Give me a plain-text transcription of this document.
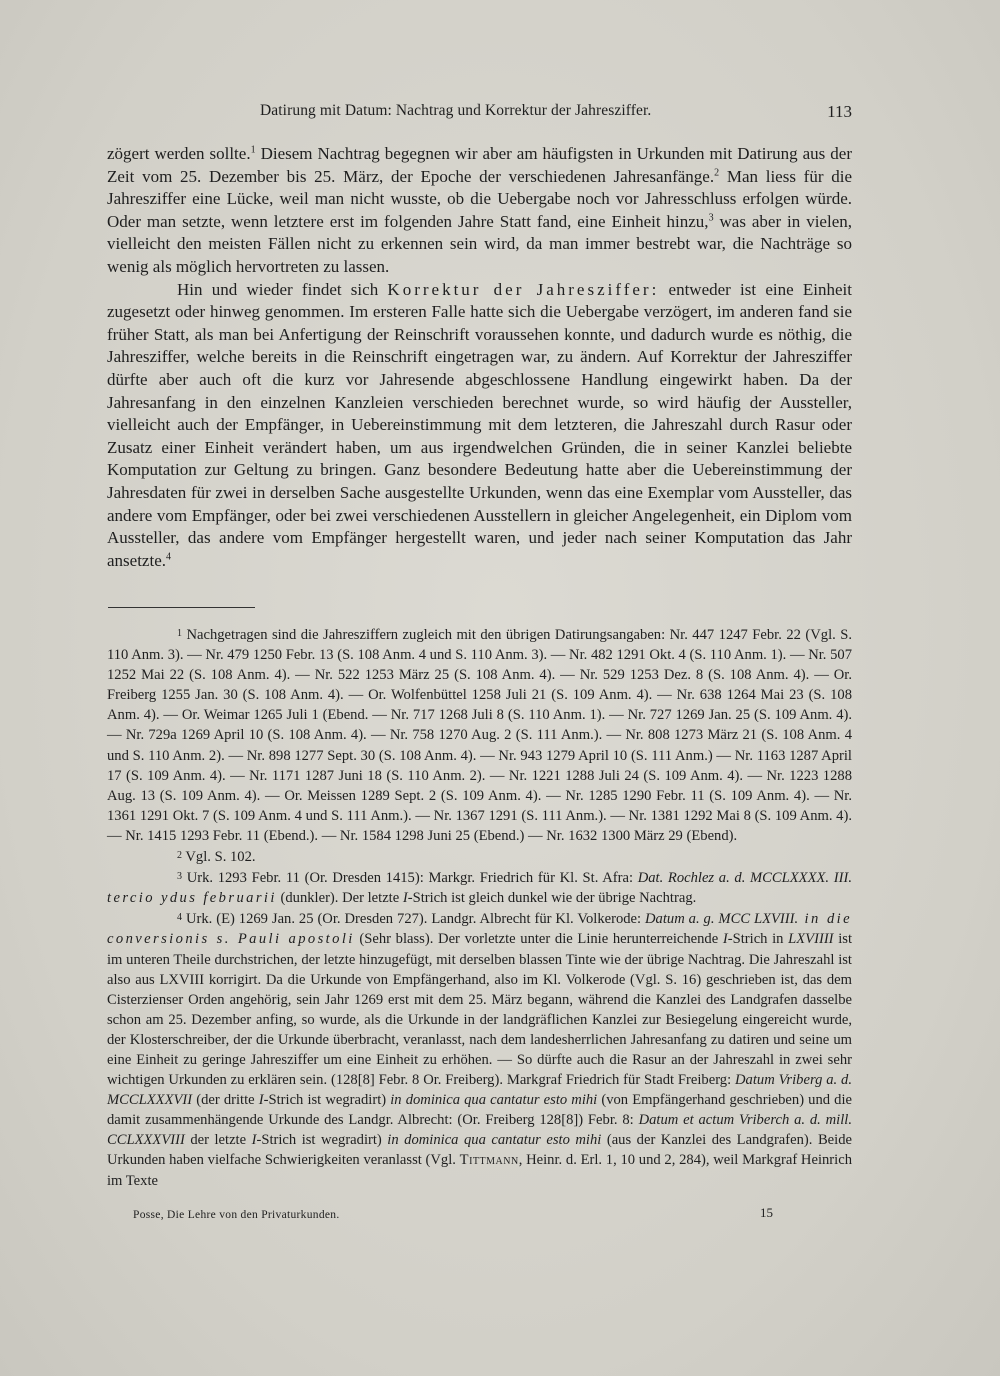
Datirung mit Datum: Nachtrag und Korrektur der Jahresziffer.	113

zögert werden sollte.$^1$ Diesem Nachtrag begegnen wir aber am häufigsten in Urkunden mit Datirung aus der Zeit vom 25. Dezember bis 25. März, der Epoche der verschiedenen Jahresanfänge.$^2$ Man liess für die Jahresziffer eine Lücke, weil man nicht wusste, ob die Uebergabe noch vor Jahresschluss erfolgen würde. Oder man setzte, wenn letztere erst im folgenden Jahre Statt fand, eine Einheit hinzu,$^3$ was aber in vielen, vielleicht den meisten Fällen nicht zu erkennen sein wird, da man immer bestrebt war, die Nachträge so wenig als möglich hervortreten zu lassen.

Hin und wieder findet sich Korrektur der Jahresziffer: entweder ist eine Einheit zugesetzt oder hinweg genommen. Im ersteren Falle hatte sich die Uebergabe verzögert, im anderen fand sie früher Statt, als man bei Anfertigung der Reinschrift voraussehen konnte, und dadurch wurde es nöthig, die Jahresziffer, welche bereits in die Reinschrift eingetragen war, zu ändern. Auf Korrektur der Jahresziffer dürfte aber auch oft die kurz vor Jahresende abgeschlossene Handlung eingewirkt haben. Da der Jahresanfang in den einzelnen Kanzleien verschieden berechnet wurde, so wird häufig der Aussteller, vielleicht auch der Empfänger, in Uebereinstimmung mit dem letzteren, die Jahreszahl durch Rasur oder Zusatz einer Einheit verändert haben, um aus irgendwelchen Gründen, die in seiner Kanzlei beliebte Komputation zur Geltung zu bringen. Ganz besondere Bedeutung hatte aber die Uebereinstimmung der Jahresdaten für zwei in derselben Sache ausgestellte Urkunden, wenn das eine Exemplar vom Aussteller, das andere vom Empfänger, oder bei zwei verschiedenen Ausstellern in gleicher Angelegenheit, ein Diplom vom Aussteller, das andere vom Empfänger hergestellt waren, und jeder nach seiner Komputation das Jahr ansetzte.$^4$

$^1$ Nachgetragen sind die Jahresziffern zugleich mit den übrigen Datirungsangaben: Nr. 447 1247 Febr. 22 (Vgl. S. 110 Anm. 3). — Nr. 479 1250 Febr. 13 (S. 108 Anm. 4 und S. 110 Anm. 3). — Nr. 482 1291 Okt. 4 (S. 110 Anm. 1). — Nr. 507 1252 Mai 22 (S. 108 Anm. 4). — Nr. 522 1253 März 25 (S. 108 Anm. 4). — Nr. 529 1253 Dez. 8 (S. 108 Anm. 4). — Or. Freiberg 1255 Jan. 30 (S. 108 Anm. 4). — Or. Wolfenbüttel 1258 Juli 21 (S. 109 Anm. 4). — Nr. 638 1264 Mai 23 (S. 108 Anm. 4). — Or. Weimar 1265 Juli 1 (Ebend. — Nr. 717 1268 Juli 8 (S. 110 Anm. 1). — Nr. 727 1269 Jan. 25 (S. 109 Anm. 4). — Nr. 729a 1269 April 10 (S. 108 Anm. 4). — Nr. 758 1270 Aug. 2 (S. 111 Anm.). — Nr. 808 1273 März 21 (S. 108 Anm. 4 und S. 110 Anm. 2). — Nr. 898 1277 Sept. 30 (S. 108 Anm. 4). — Nr. 943 1279 April 10 (S. 111 Anm.) — Nr. 1163 1287 April 17 (S. 109 Anm. 4). — Nr. 1171 1287 Juni 18 (S. 110 Anm. 2). — Nr. 1221 1288 Juli 24 (S. 109 Anm. 4). — Nr. 1223 1288 Aug. 13 (S. 109 Anm. 4). — Or. Meissen 1289 Sept. 2 (S. 109 Anm. 4). — Nr. 1285 1290 Febr. 11 (S. 109 Anm. 4). — Nr. 1361 1291 Okt. 7 (S. 109 Anm. 4 und S. 111 Anm.). — Nr. 1367 1291 (S. 111 Anm.). — Nr. 1381 1292 Mai 8 (S. 109 Anm. 4). — Nr. 1415 1293 Febr. 11 (Ebend.). — Nr. 1584 1298 Juni 25 (Ebend.) — Nr. 1632 1300 März 29 (Ebend).

$^2$ Vgl. S. 102.

$^3$ Urk. 1293 Febr. 11 (Or. Dresden 1415): Markgr. Friedrich für Kl. St. Afra: Dat. Rochlez a. d. MCCLXXXX. III. tercio ydus februarii (dunkler). Der letzte I-Strich ist gleich dunkel wie der übrige Nachtrag.

$^4$ Urk. (E) 1269 Jan. 25 (Or. Dresden 727). Landgr. Albrecht für Kl. Volkerode: Datum a. g. MCC LXVIII. in die conversionis s. Pauli apostoli (Sehr blass). Der vorletzte unter die Linie herunterreichende I-Strich in LXVIIII ist im unteren Theile durchstrichen, der letzte hinzugefügt, mit derselben blassen Tinte wie der übrige Nachtrag. Die Jahreszahl ist also aus LXVIII korrigirt. Da die Urkunde von Empfängerhand, also im Kl. Volkerode (Vgl. S. 16) geschrieben ist, das dem Cisterzienser Orden angehörig, sein Jahr 1269 erst mit dem 25. März begann, während die Kanzlei des Landgrafen dasselbe schon am 25. Dezember anfing, so wurde, als die Urkunde in der landgräflichen Kanzlei zur Besiegelung eingereicht wurde, der Klosterschreiber, der die Urkunde überbracht, veranlasst, nach dem landesherrlichen Jahresanfang zu datiren und seine um eine Einheit zu geringe Jahresziffer um eine Einheit zu erhöhen. — So dürfte auch die Rasur an der Jahreszahl in zwei sehr wichtigen Urkunden zu erklären sein. (128[8] Febr. 8 Or. Freiberg). Markgraf Friedrich für Stadt Freiberg: Datum Vriberg a. d. MCCLXXXVII (der dritte I-Strich ist wegradirt) in dominica qua cantatur esto mihi (von Empfängerhand geschrieben) und die damit zusammenhängende Urkunde des Landgr. Albrecht: (Or. Freiberg 128[8]) Febr. 8: Datum et actum Vriberch a. d. mill. CCLXXXVIII der letzte I-Strich ist wegradirt) in dominica qua cantatur esto mihi (aus der Kanzlei des Landgrafen). Beide Urkunden haben vielfache Schwierigkeiten veranlasst (Vgl. Tittmann, Heinr. d. Erl. 1, 10 und 2, 284), weil Markgraf Heinrich im Texte

Posse, Die Lehre von den Privaturkunden.	15
